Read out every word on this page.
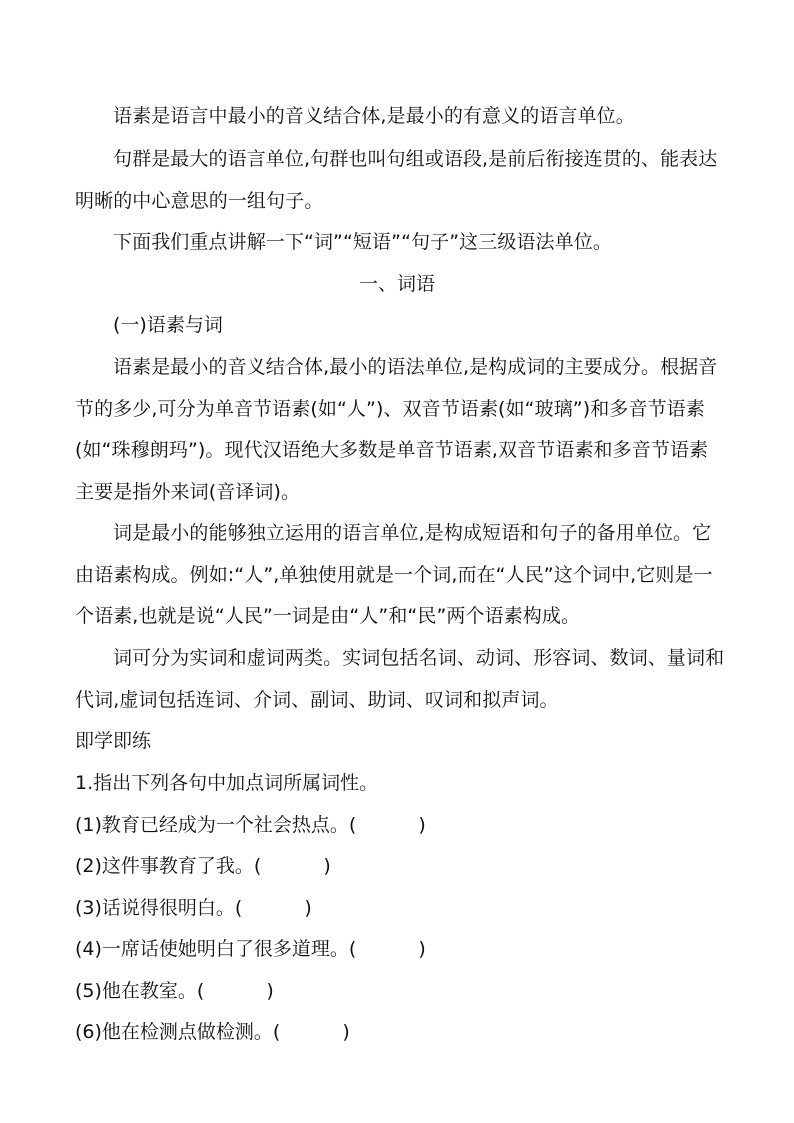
语素是语言中最小的音义结合体,是最小的有意义的语言单位。

句群是最大的语言单位,句群也叫句组或语段,是前后衔接连贯的、能表达明晰的中心意思的一组句子。

下面我们重点讲解一下“词”“短语”“句子”这三级语法单位。

一、词语

(一)语素与词

语素是最小的音义结合体,最小的语法单位,是构成词的主要成分。根据音节的多少,可分为单音节语素(如“人”)、双音节语素(如“玻璃”)和多音节语素(如“珠穆朗玛”)。现代汉语绝大多数是单音节语素,双音节语素和多音节语素主要是指外来词(音译词)。

词是最小的能够独立运用的语言单位,是构成短语和句子的备用单位。它由语素构成。例如:“人”,单独使用就是一个词,而在“人民”这个词中,它则是一个语素,也就是说“人民”一词是由“人”和“民”两个语素构成。

词可分为实词和虚词两类。实词包括名词、动词、形容词、数词、量词和代词,虚词包括连词、介词、副词、助词、叹词和拟声词。

即学即练

1.指出下列各句中加点词所属词性。

(1)教育已经成为一个社会热点。(	)

(2)这件事教育了我。(	)

(3)话说得很明白。(	)

(4)一席话使她明白了很多道理。(	)

(5)他在教室。(	)

(6)他在检测点做检测。(	)
